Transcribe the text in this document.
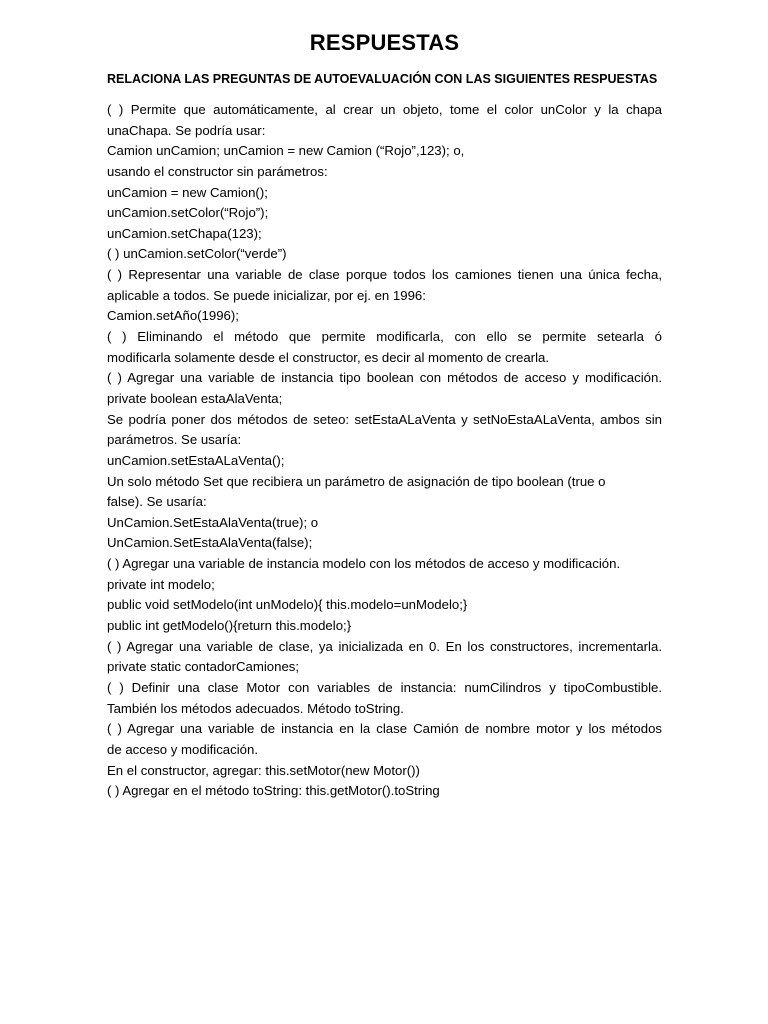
RESPUESTAS
RELACIONA LAS PREGUNTAS DE AUTOEVALUACIÓN CON LAS SIGUIENTES RESPUESTAS
( ) Permite que automáticamente, al crear un objeto, tome el color unColor y la chapa
unaChapa. Se podría usar:
Camion unCamion; unCamion = new Camion (“Rojo”,123); o,
usando el constructor sin parámetros:
unCamion = new Camion();
unCamion.setColor(“Rojo”);
unCamion.setChapa(123);
( ) unCamion.setColor(“verde”)
( ) Representar una variable de clase porque todos los camiones tienen una única fecha,
aplicable a todos. Se puede inicializar, por ej. en 1996:
Camion.setAño(1996);
( ) Eliminando el método que permite modificarla, con ello se permite setearla ó
modificarla solamente desde el constructor, es decir al momento de crearla.
( ) Agregar una variable de instancia tipo boolean con métodos de acceso y modificación.
private boolean estaAlaVenta;
Se podría poner dos métodos de seteo: setEstaALaVenta y setNoEstaALaVenta, ambos sin
parámetros. Se usaría:
unCamion.setEstaALaVenta();
Un solo método Set que recibiera un parámetro de asignación de tipo boolean (true o
false). Se usaría:
UnCamion.SetEstaAlaVenta(true); o
UnCamion.SetEstaAlaVenta(false);
( ) Agregar una variable de instancia modelo con los métodos de acceso y modificación.
private int modelo;
public void setModelo(int unModelo){ this.modelo=unModelo;}
public int getModelo(){return this.modelo;}
( ) Agregar una variable de clase, ya inicializada en 0. En los constructores, incrementarla.
private static contadorCamiones;
( ) Definir una clase Motor con variables de instancia: numCilindros y tipoCombustible.
También los métodos adecuados. Método toString.
( ) Agregar una variable de instancia en la clase Camión de nombre motor y los métodos
de acceso y modificación.
En el constructor, agregar: this.setMotor(new Motor())
( ) Agregar en el método toString: this.getMotor().toString
